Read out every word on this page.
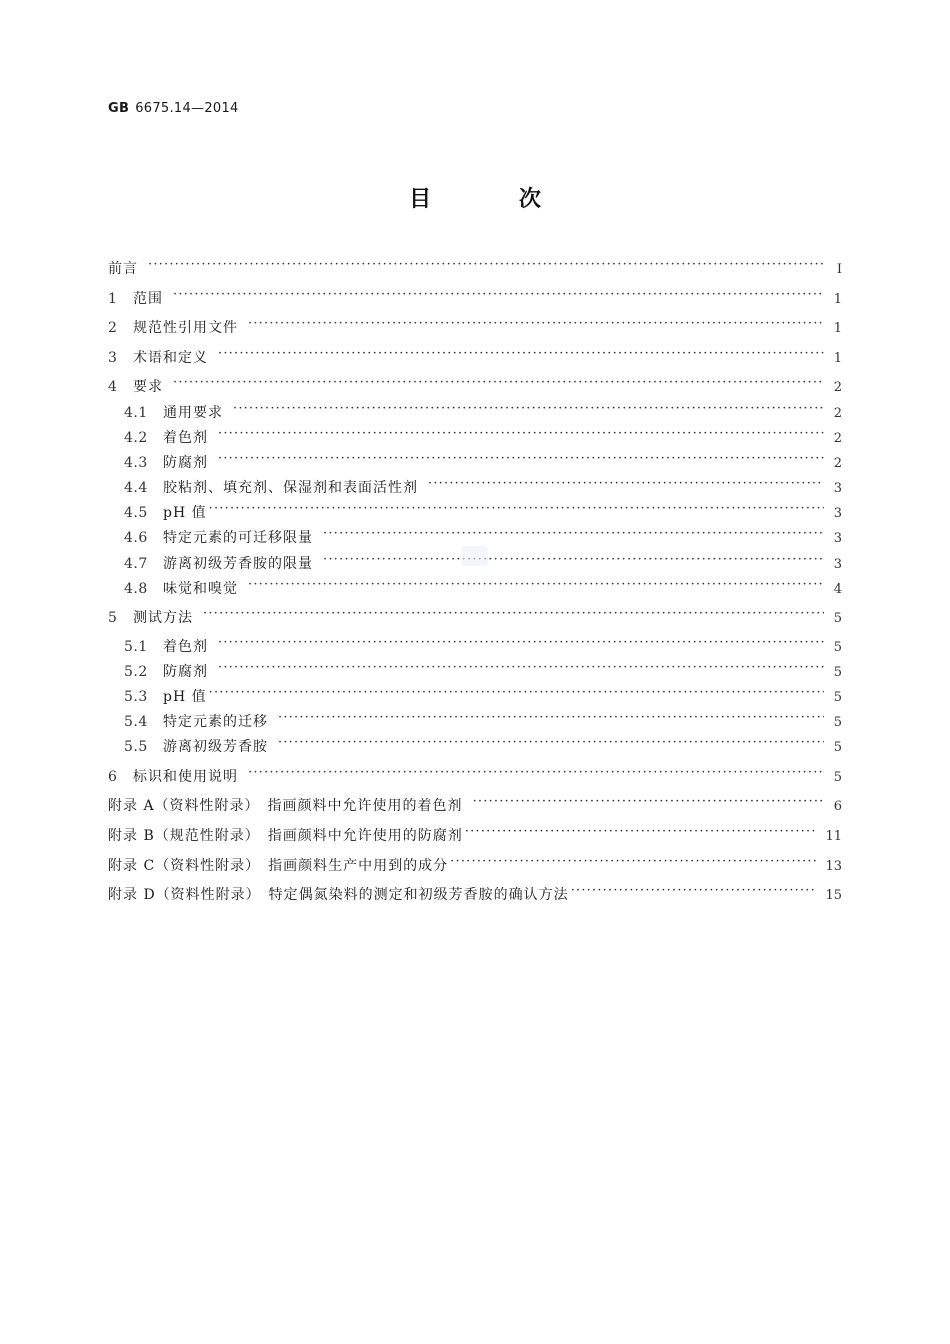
GB 6675.14—2014
目 次
前言 ·····	Ⅰ
1	范围 ·····	1
2	规范性引用文件 ·····	1
3	术语和定义 ·····	1
4	要求 ·····	2
4.1	通用要求 ·····	2
4.2	着色剂 ·····	2
4.3	防腐剂 ·····	2
4.4	胶粘剂、填充剂、保湿剂和表面活性剂 ·····	3
4.5	pH 值 ·····	3
4.6	特定元素的可迁移限量 ·····	3
4.7	游离初级芳香胺的限量 ·····	3
4.8	味觉和嗅觉 ·····	4
5	测试方法 ·····	5
5.1	着色剂 ·····	5
5.2	防腐剂 ·····	5
5.3	pH 值 ·····	5
5.4	特定元素的迁移 ·····	5
5.5	游离初级芳香胺 ·····	5
6	标识和使用说明 ·····	5
附录 A（资料性附录）　指画颜料中允许使用的着色剂 ·····	6
附录 B（规范性附录）　指画颜料中允许使用的防腐剂 ·····	11
附录 C（资料性附录）　指画颜料生产中用到的成分 ·····	13
附录 D（资料性附录）　特定偶氮染料的测定和初级芳香胺的确认方法 ·····	15
